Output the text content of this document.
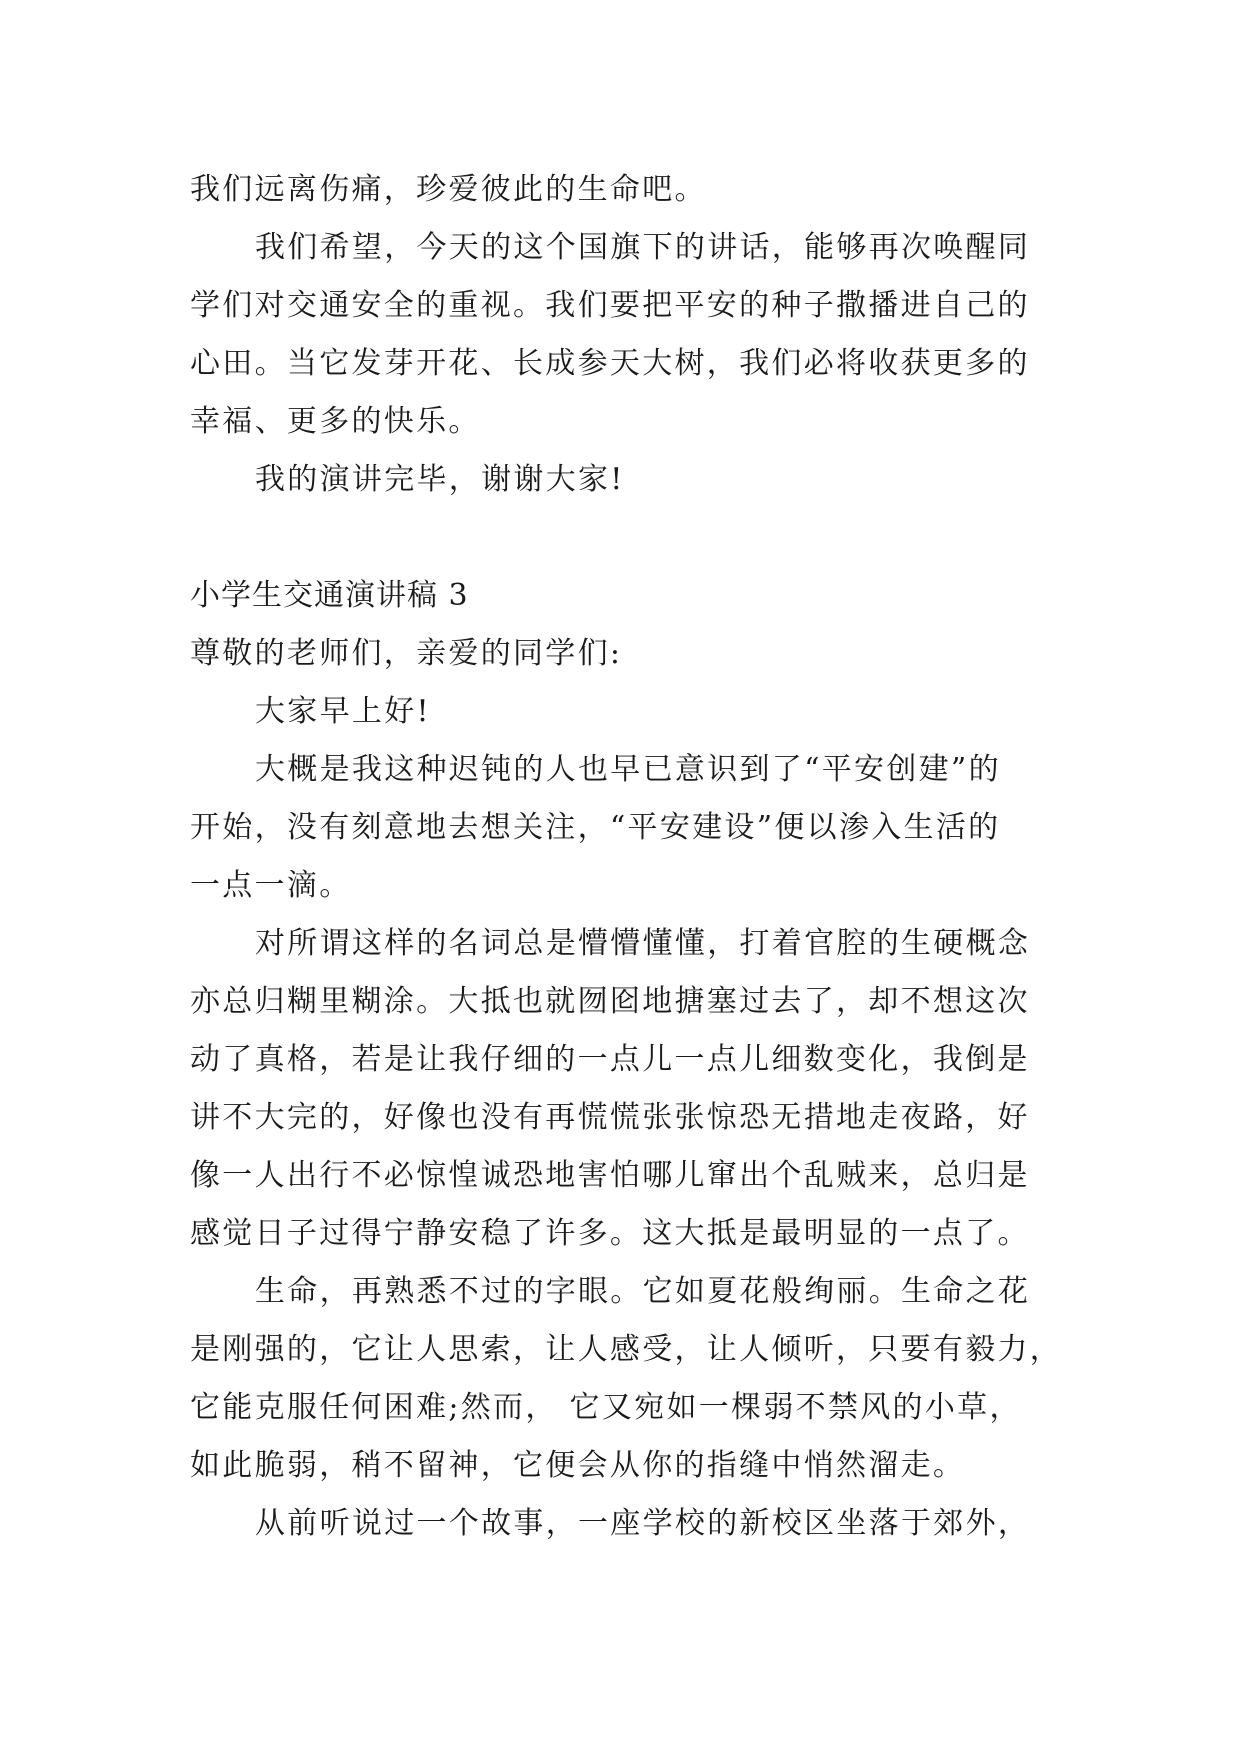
我们远离伤痛，珍爱彼此的生命吧。

我们希望，今天的这个国旗下的讲话，能够再次唤醒同

学们对交通安全的重视。我们要把平安的种子撒播进自己的

心田。当它发芽开花、长成参天大树，我们必将收获更多的

幸福、更多的快乐。

我的演讲完毕，谢谢大家!

小学生交通演讲稿 3

尊敬的老师们，亲爱的同学们:

大家早上好!

大概是我这种迟钝的人也早已意识到了“平安创建”的

开始，没有刻意地去想关注，“平安建设”便以渗入生活的

一点一滴。

对所谓这样的名词总是懵懵懂懂，打着官腔的生硬概念

亦总归糊里糊涂。大抵也就囫囵地搪塞过去了，却不想这次

动了真格，若是让我仔细的一点儿一点儿细数变化，我倒是

讲不大完的，好像也没有再慌慌张张惊恐无措地走夜路，好

像一人出行不必惊惶诚恐地害怕哪儿窜出个乱贼来，总归是

感觉日子过得宁静安稳了许多。这大抵是最明显的一点了。

生命，再熟悉不过的字眼。它如夏花般绚丽。生命之花

是刚强的，它让人思索，让人感受，让人倾听，只要有毅力，

它能克服任何困难;然而， 它又宛如一棵弱不禁风的小草，

如此脆弱，稍不留神，它便会从你的指缝中悄然溜走。

从前听说过一个故事，一座学校的新校区坐落于郊外，
